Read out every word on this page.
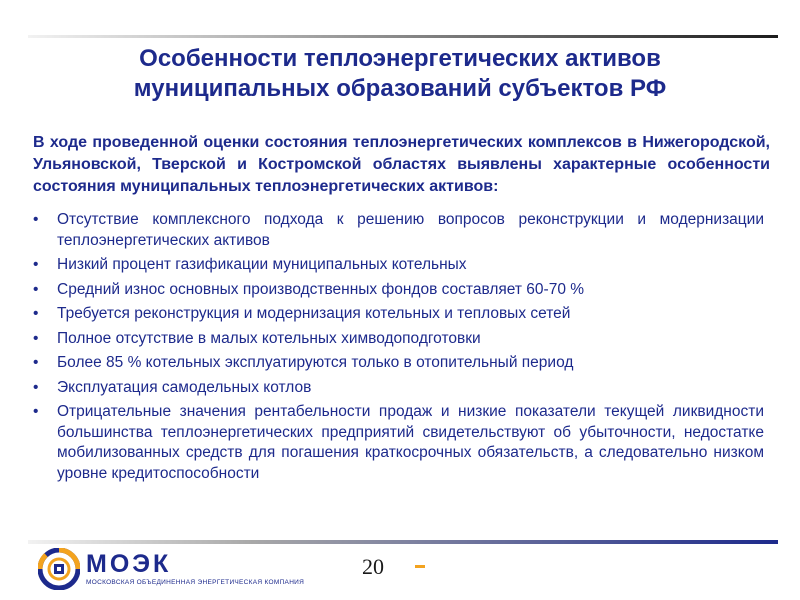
Особенности теплоэнергетических активов
муниципальных образований субъектов РФ

В ходе проведенной оценки состояния теплоэнергетических комплексов в Нижегородской, Ульяновской, Тверской и Костромской областях выявлены характерные особенности состояния муниципальных теплоэнергетических активов:

• Отсутствие комплексного подхода к решению вопросов реконструкции и модернизации теплоэнергетических активов
• Низкий процент газификации муниципальных котельных
• Средний износ основных производственных фондов составляет 60-70 %
• Требуется реконструкция и модернизация котельных и тепловых сетей
• Полное отсутствие в малых котельных химводоподготовки
• Более 85 % котельных эксплуатируются только в отопительный период
• Эксплуатация самодельных котлов
• Отрицательные значения рентабельности продаж и низкие показатели текущей ликвидности большинства теплоэнергетических предприятий свидетельствуют об убыточности, недостатке мобилизованных средств для погашения краткосрочных обязательств, а следовательно низком уровне кредитоспособности
МОЭК
МОСКОВСКАЯ ОБЪЕДИНЕННАЯ ЭНЕРГЕТИЧЕСКАЯ КОМПАНИЯ
20
